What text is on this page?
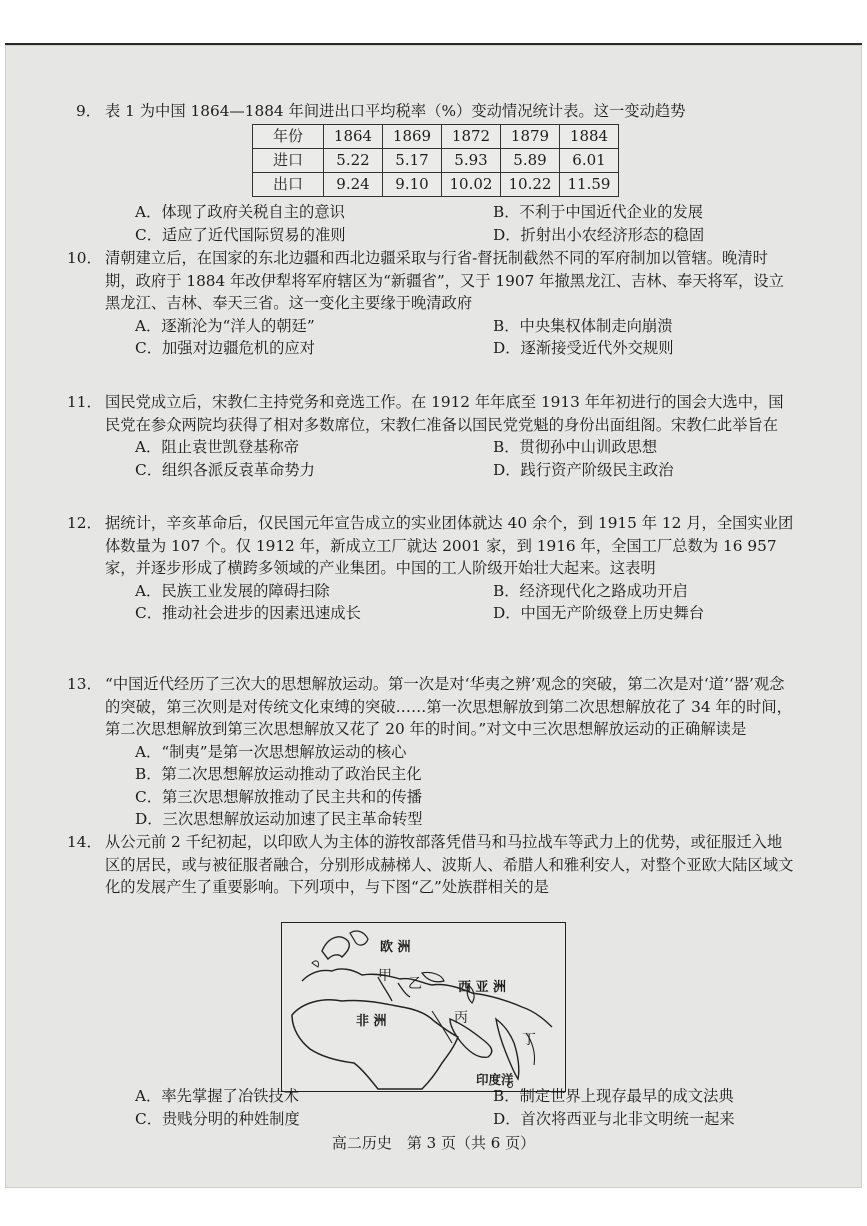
9． 表 1 为中国 1864—1884 年间进出口平均税率（%）变动情况统计表。这一变动趋势
年份	1864	1869	1872	1879	1884
进口	5.22	5.17	5.93	5.89	6.01
出口	9.24	9.10	10.02	10.22	11.59
A．体现了政府关税自主的意识	B．不利于中国近代企业的发展
C．适应了近代国际贸易的准则	D．折射出小农经济形态的稳固
10． 清朝建立后，在国家的东北边疆和西北边疆采取与行省-督抚制截然不同的军府制加以管辖。晚清时期，政府于 1884 年改伊犁将军府辖区为“新疆省”，又于 1907 年撤黑龙江、吉林、奉天将军，设立黑龙江、吉林、奉天三省。这一变化主要缘于晚清政府
A．逐渐沦为“洋人的朝廷”	B．中央集权体制走向崩溃
C．加强对边疆危机的应对	D．逐渐接受近代外交规则
11． 国民党成立后，宋教仁主持党务和竞选工作。在 1912 年年底至 1913 年年初进行的国会大选中，国民党在参众两院均获得了相对多数席位，宋教仁准备以国民党党魁的身份出面组阁。宋教仁此举旨在
A．阻止袁世凯登基称帝	B．贯彻孙中山训政思想
C．组织各派反袁革命势力	D．践行资产阶级民主政治
12． 据统计，辛亥革命后，仅民国元年宣告成立的实业团体就达 40 余个，到 1915 年 12 月，全国实业团体数量为 107 个。仅 1912 年，新成立工厂就达 2001 家，到 1916 年，全国工厂总数为 16 957 家，并逐步形成了横跨多领域的产业集团。中国的工人阶级开始壮大起来。这表明
A．民族工业发展的障碍扫除	B．经济现代化之路成功开启
C．推动社会进步的因素迅速成长	D．中国无产阶级登上历史舞台
13． “中国近代经历了三次大的思想解放运动。第一次是对‘华夷之辨’观念的突破，第二次是对‘道’‘器’观念的突破，第三次则是对传统文化束缚的突破……第一次思想解放到第二次思想解放花了 34 年的时间，第二次思想解放到第三次思想解放又花了 20 年的时间。”对文中三次思想解放运动的正确解读是
A．“制夷”是第一次思想解放运动的核心
B．第二次思想解放运动推动了政治民主化
C．第三次思想解放推动了民主共和的传播
D．三次思想解放运动加速了民主革命转型
14． 从公元前 2 千纪初起，以印欧人为主体的游牧部落凭借马和马拉战车等武力上的优势，或征服迁入地区的居民，或与被征服者融合，分别形成赫梯人、波斯人、希腊人和雅利安人，对整个亚欧大陆区域文化的发展产生了重要影响。下列项中，与下图“乙”处族群相关的是
欧 洲
甲 乙	西 亚 洲
非 洲	丙
丁
印度洋
A．率先掌握了冶铁技术	B．制定世界上现存最早的成文法典
C．贵贱分明的种姓制度	D．首次将西亚与北非文明统一起来
高二历史　第 3 页（共 6 页）
